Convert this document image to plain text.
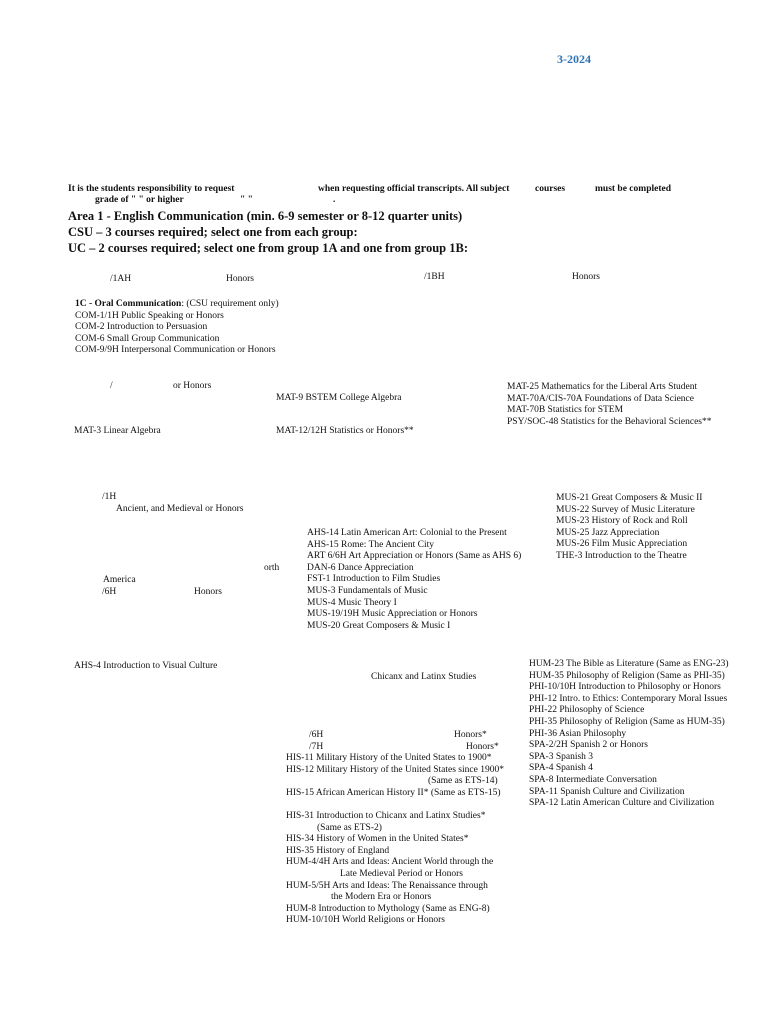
3-2024
It is the students responsibility to request	when requesting official transcripts. All subject	courses	must be completed
grade of " " or higher	" "	.
Area 1 - English Communication (min. 6-9 semester or 8-12 quarter units)
CSU – 3 courses required; select one from each group:
UC – 2 courses required; select one from group 1A and one from group 1B:
/1AH	Honors	/1BH	Honors
1C - Oral Communication: (CSU requirement only)
COM-1/1H Public Speaking or Honors
COM-2 Introduction to Persuasion
COM-6 Small Group Communication
COM-9/9H Interpersonal Communication or Honors
/	or Honors
MAT-9 BSTEM College Algebra
MAT-3 Linear Algebra	MAT-12/12H Statistics or Honors**
MAT-25 Mathematics for the Liberal Arts Student
MAT-70A/CIS-70A Foundations of Data Science
MAT-70B Statistics for STEM
PSY/SOC-48 Statistics for the Behavioral Sciences**
/1H
Ancient, and Medieval or Honors
orth
America
/6H	Honors
AHS-14 Latin American Art: Colonial to the Present
AHS-15 Rome: The Ancient City
ART 6/6H Art Appreciation or Honors (Same as AHS 6)
DAN-6 Dance Appreciation
FST-1 Introduction to Film Studies
MUS-3 Fundamentals of Music
MUS-4 Music Theory I
MUS-19/19H Music Appreciation or Honors
MUS-20 Great Composers & Music I
MUS-21 Great Composers & Music II
MUS-22 Survey of Music Literature
MUS-23 History of Rock and Roll
MUS-25 Jazz Appreciation
MUS-26 Film Music Appreciation
THE-3 Introduction to the Theatre
AHS-4 Introduction to Visual Culture
Chicanx and Latinx Studies
/6H	Honors*
/7H	Honors*
HIS-11 Military History of the United States to 1900*
HIS-12 Military History of the United States since 1900*
(Same as ETS-14)
HIS-15 African American History II* (Same as ETS-15)
HIS-31 Introduction to Chicanx and Latinx Studies*
(Same as ETS-2)
HIS-34 History of Women in the United States*
HIS-35 History of England
HUM-4/4H Arts and Ideas: Ancient World through the
Late Medieval Period or Honors
HUM-5/5H Arts and Ideas: The Renaissance through
the Modern Era or Honors
HUM-8 Introduction to Mythology (Same as ENG-8)
HUM-10/10H World Religions or Honors
HUM-23 The Bible as Literature (Same as ENG-23)
HUM-35 Philosophy of Religion (Same as PHI-35)
PHI-10/10H Introduction to Philosophy or Honors
PHI-12 Intro. to Ethics: Contemporary Moral Issues
PHI-22 Philosophy of Science
PHI-35 Philosophy of Religion (Same as HUM-35)
PHI-36 Asian Philosophy
SPA-2/2H Spanish 2 or Honors
SPA-3 Spanish 3
SPA-4 Spanish 4
SPA-8 Intermediate Conversation
SPA-11 Spanish Culture and Civilization
SPA-12 Latin American Culture and Civilization
